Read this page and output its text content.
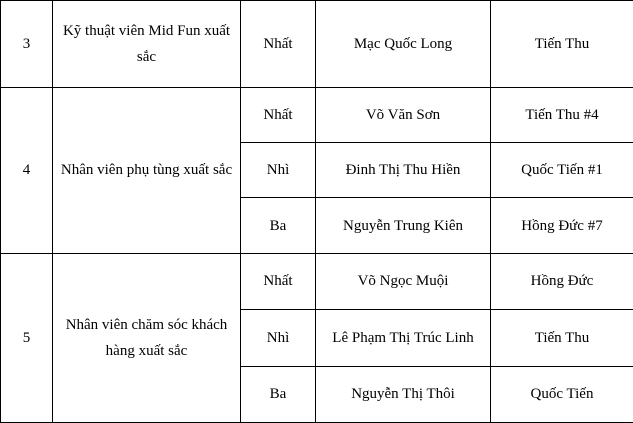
3	Kỹ thuật viên Mid Fun xuất sắc	Nhất	Mạc Quốc Long	Tiến Thu
4	Nhân viên phụ tùng xuất sắc	Nhất	Võ Văn Sơn	Tiến Thu #4
		Nhì	Đinh Thị Thu Hiền	Quốc Tiến #1
		Ba	Nguyễn Trung Kiên	Hồng Đức #7
5	Nhân viên chăm sóc khách hàng xuất sắc	Nhất	Võ Ngọc Muội	Hồng Đức
		Nhì	Lê Phạm Thị Trúc Linh	Tiến Thu
		Ba	Nguyễn Thị Thôi	Quốc Tiến
